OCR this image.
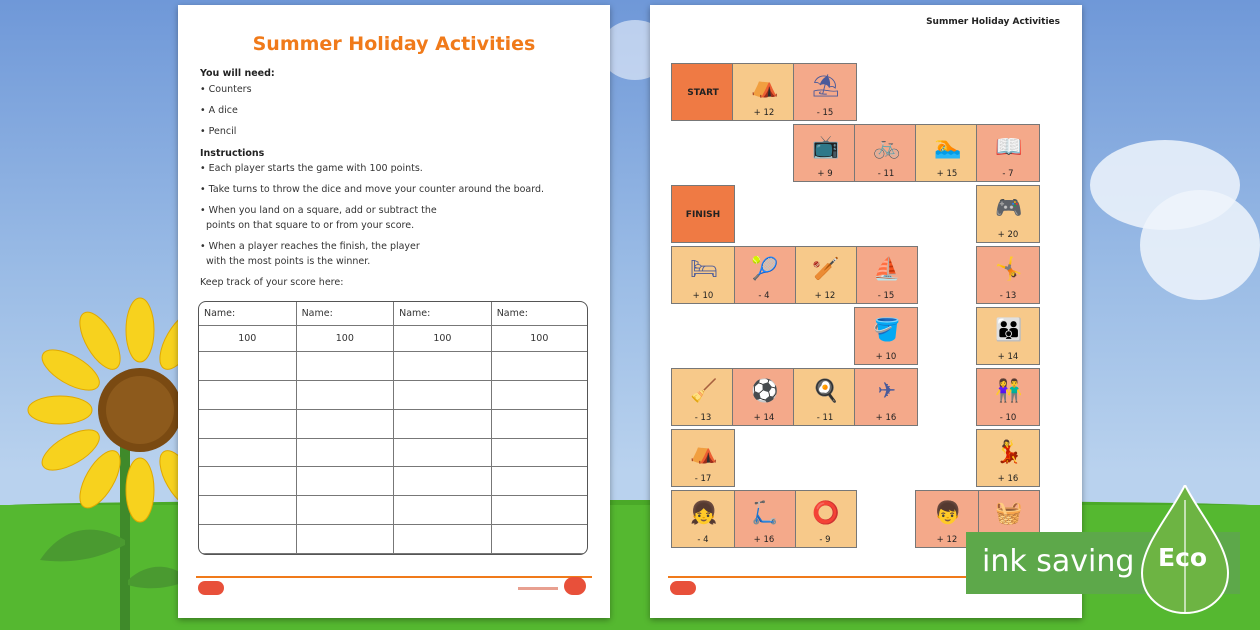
Summer Holiday Activities
You will need:
• Counters
• A dice
• Pencil
Instructions
• Each player starts the game with 100 points.
• Take turns to throw the dice and move your counter around the board.
• When you land on a square, add or subtract the
points on that square to or from your score.
• When a player reaches the finish, the player
with the most points is the winner.
Keep track of your score here:
Name:	Name:	Name:	Name:
100	100	100	100

Summer Holiday Activities
START
FINISH
⛺
+ 12
⛱
- 15
📺
+ 9
🚲
- 11
🏊
+ 15
📖
- 7
🎮
+ 20
🤸
- 13
👪
+ 14
👫
- 10
💃
+ 16
🧺
⛺
- 17
👦
+ 12
⭕
- 9
🛴
+ 16
👧
- 4
🧹
- 13
⚽
+ 14
🍳
- 11
✈
+ 16
🪣
+ 10
⛵
- 15
🏏
+ 12
🎾
- 4
🛏
+ 10
ink saving Eco
